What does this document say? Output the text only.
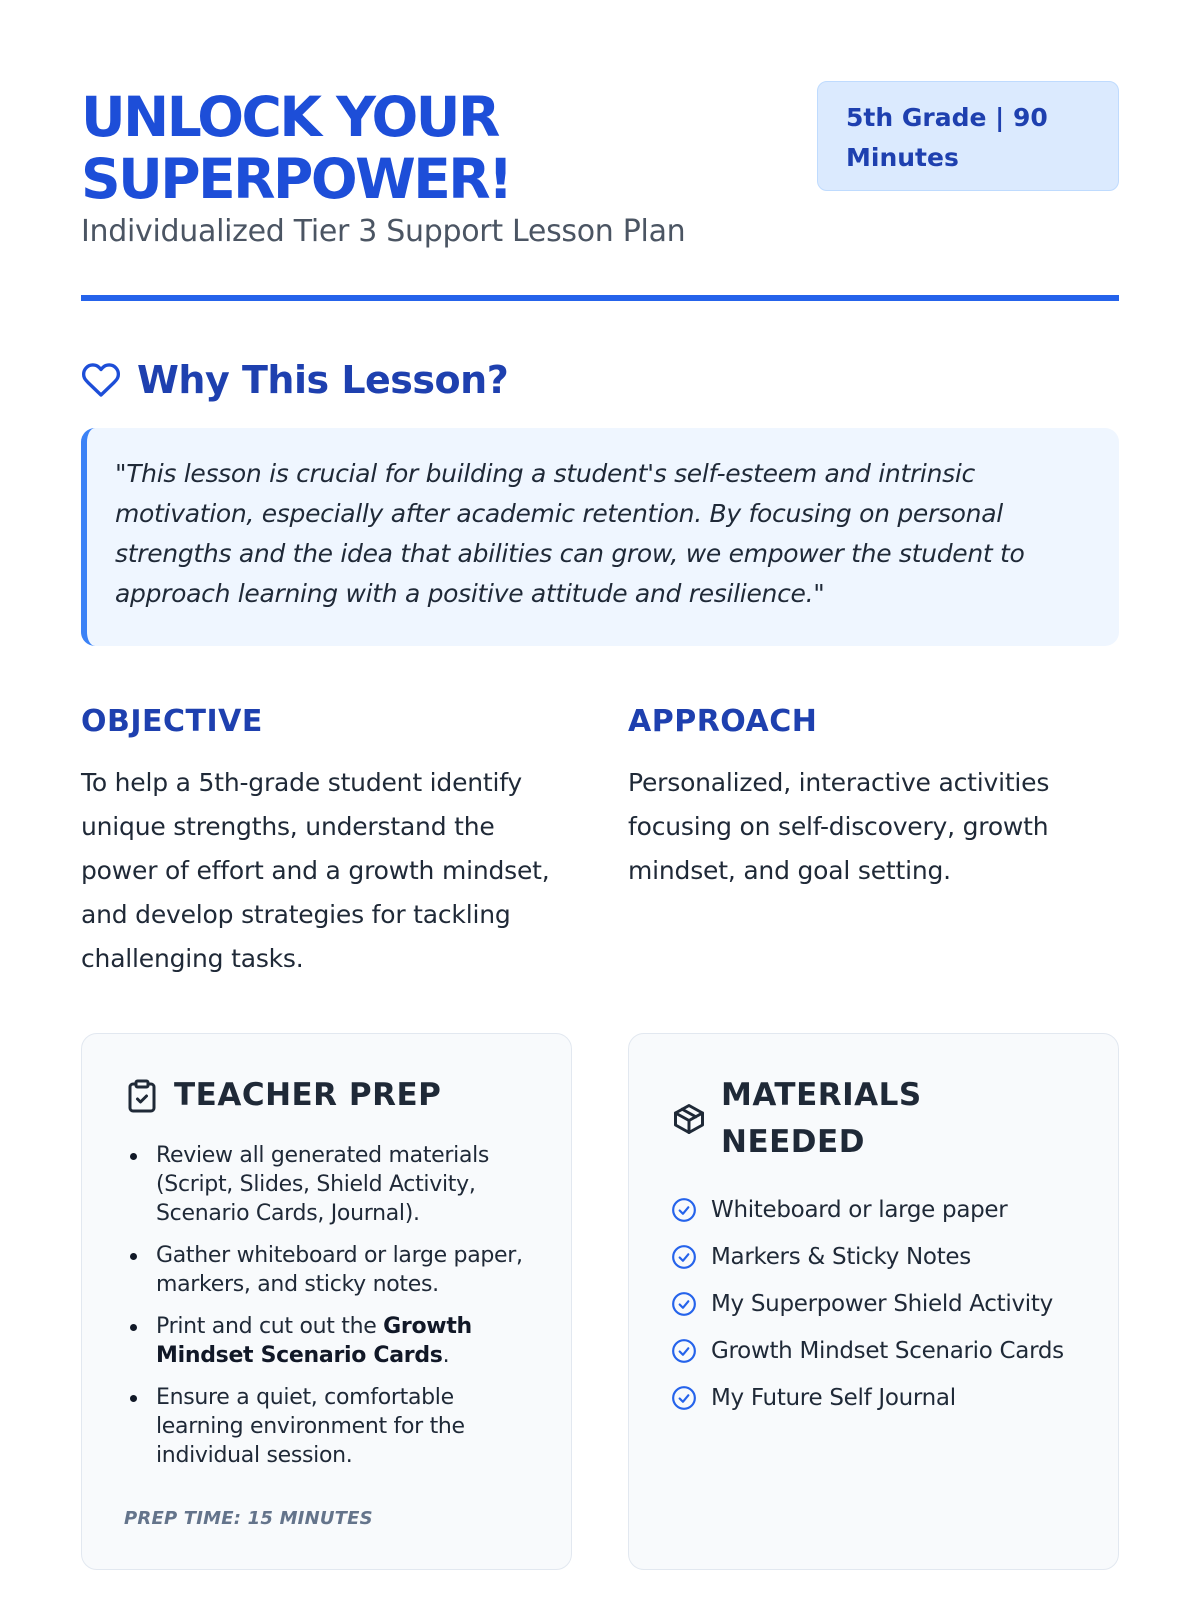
UNLOCK YOUR SUPERPOWER!
Individualized Tier 3 Support Lesson Plan
5th Grade | 90 Minutes
Why This Lesson?
"This lesson is crucial for building a student's self-esteem and intrinsic motivation, especially after academic retention. By focusing on personal strengths and the idea that abilities can grow, we empower the student to approach learning with a positive attitude and resilience."
OBJECTIVE

To help a 5th-grade student identify unique strengths, understand the power of effort and a growth mindset, and develop strategies for tackling challenging tasks.

APPROACH

Personalized, interactive activities focusing on self-discovery, growth mindset, and goal setting.

TEACHER PREP
Review all generated materials (Script, Slides, Shield Activity, Scenario Cards, Journal).
Gather whiteboard or large paper, markers, and sticky notes.
Print and cut out the Growth Mindset Scenario Cards.
Ensure a quiet, comfortable learning environment for the individual session.
PREP TIME: 15 MINUTES
MATERIALS NEEDED
Whiteboard or large paper
Markers & Sticky Notes
My Superpower Shield Activity
Growth Mindset Scenario Cards
My Future Self Journal
